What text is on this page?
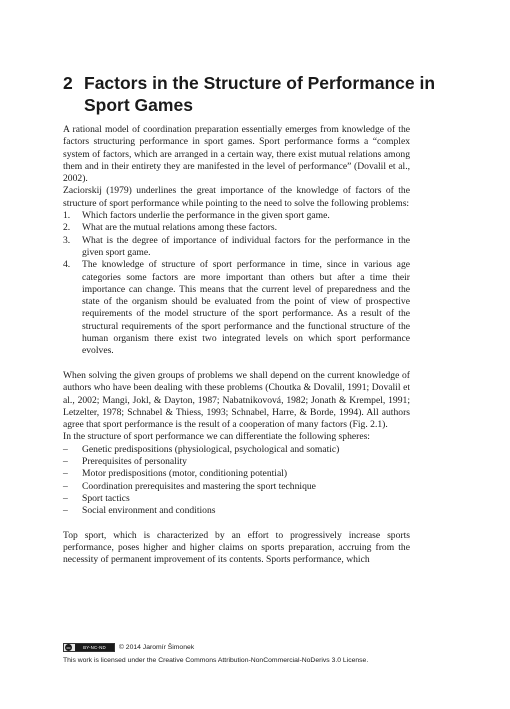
2 Factors in the Structure of Performance in Sport Games

A rational model of coordination preparation essentially emerges from knowledge of the factors structuring performance in sport games. Sport performance forms a “complex system of factors, which are arranged in a certain way, there exist mutual relations among them and in their entirety they are manifested in the level of performance” (Dovalil et al., 2002).

Zaciorskij (1979) underlines the great importance of the knowledge of factors of the structure of sport performance while pointing to the need to solve the following problems:

1. Which factors underlie the performance in the given sport game.
2. What are the mutual relations among these factors.
3. What is the degree of importance of individual factors for the performance in the given sport game.
4. The knowledge of structure of sport performance in time, since in various age categories some factors are more important than others but after a time their importance can change. This means that the current level of preparedness and the state of the organism should be evaluated from the point of view of prospective requirements of the model structure of the sport performance. As a result of the structural requirements of the sport performance and the functional structure of the human organism there exist two integrated levels on which sport performance evolves.

When solving the given groups of problems we shall depend on the current knowledge of authors who have been dealing with these problems (Choutka & Dovalil, 1991; Dovalil et al., 2002; Mangi, Jokl, & Dayton, 1987; Nabatnikovová, 1982; Jonath & Krempel, 1991; Letzelter, 1978; Schnabel & Thiess, 1993; Schnabel, Harre, & Borde, 1994). All authors agree that sport performance is the result of a cooperation of many factors (Fig. 2.1).

In the structure of sport performance we can differentiate the following spheres:

– Genetic predispositions (physiological, psychological and somatic)
– Prerequisites of personality
– Motor predispositions (motor, conditioning potential)
– Coordination prerequisites and mastering the sport technique
– Sport tactics
– Social environment and conditions

Top sport, which is characterized by an effort to progressively increase sports performance, poses higher and higher claims on sports preparation, accruing from the necessity of permanent improvement of its contents. Sports performance, which

cc	BY-NC-ND	© 2014 Jaromír Šimonek
This work is licensed under the Creative Commons Attribution-NonCommercial-NoDerivs 3.0 License.
